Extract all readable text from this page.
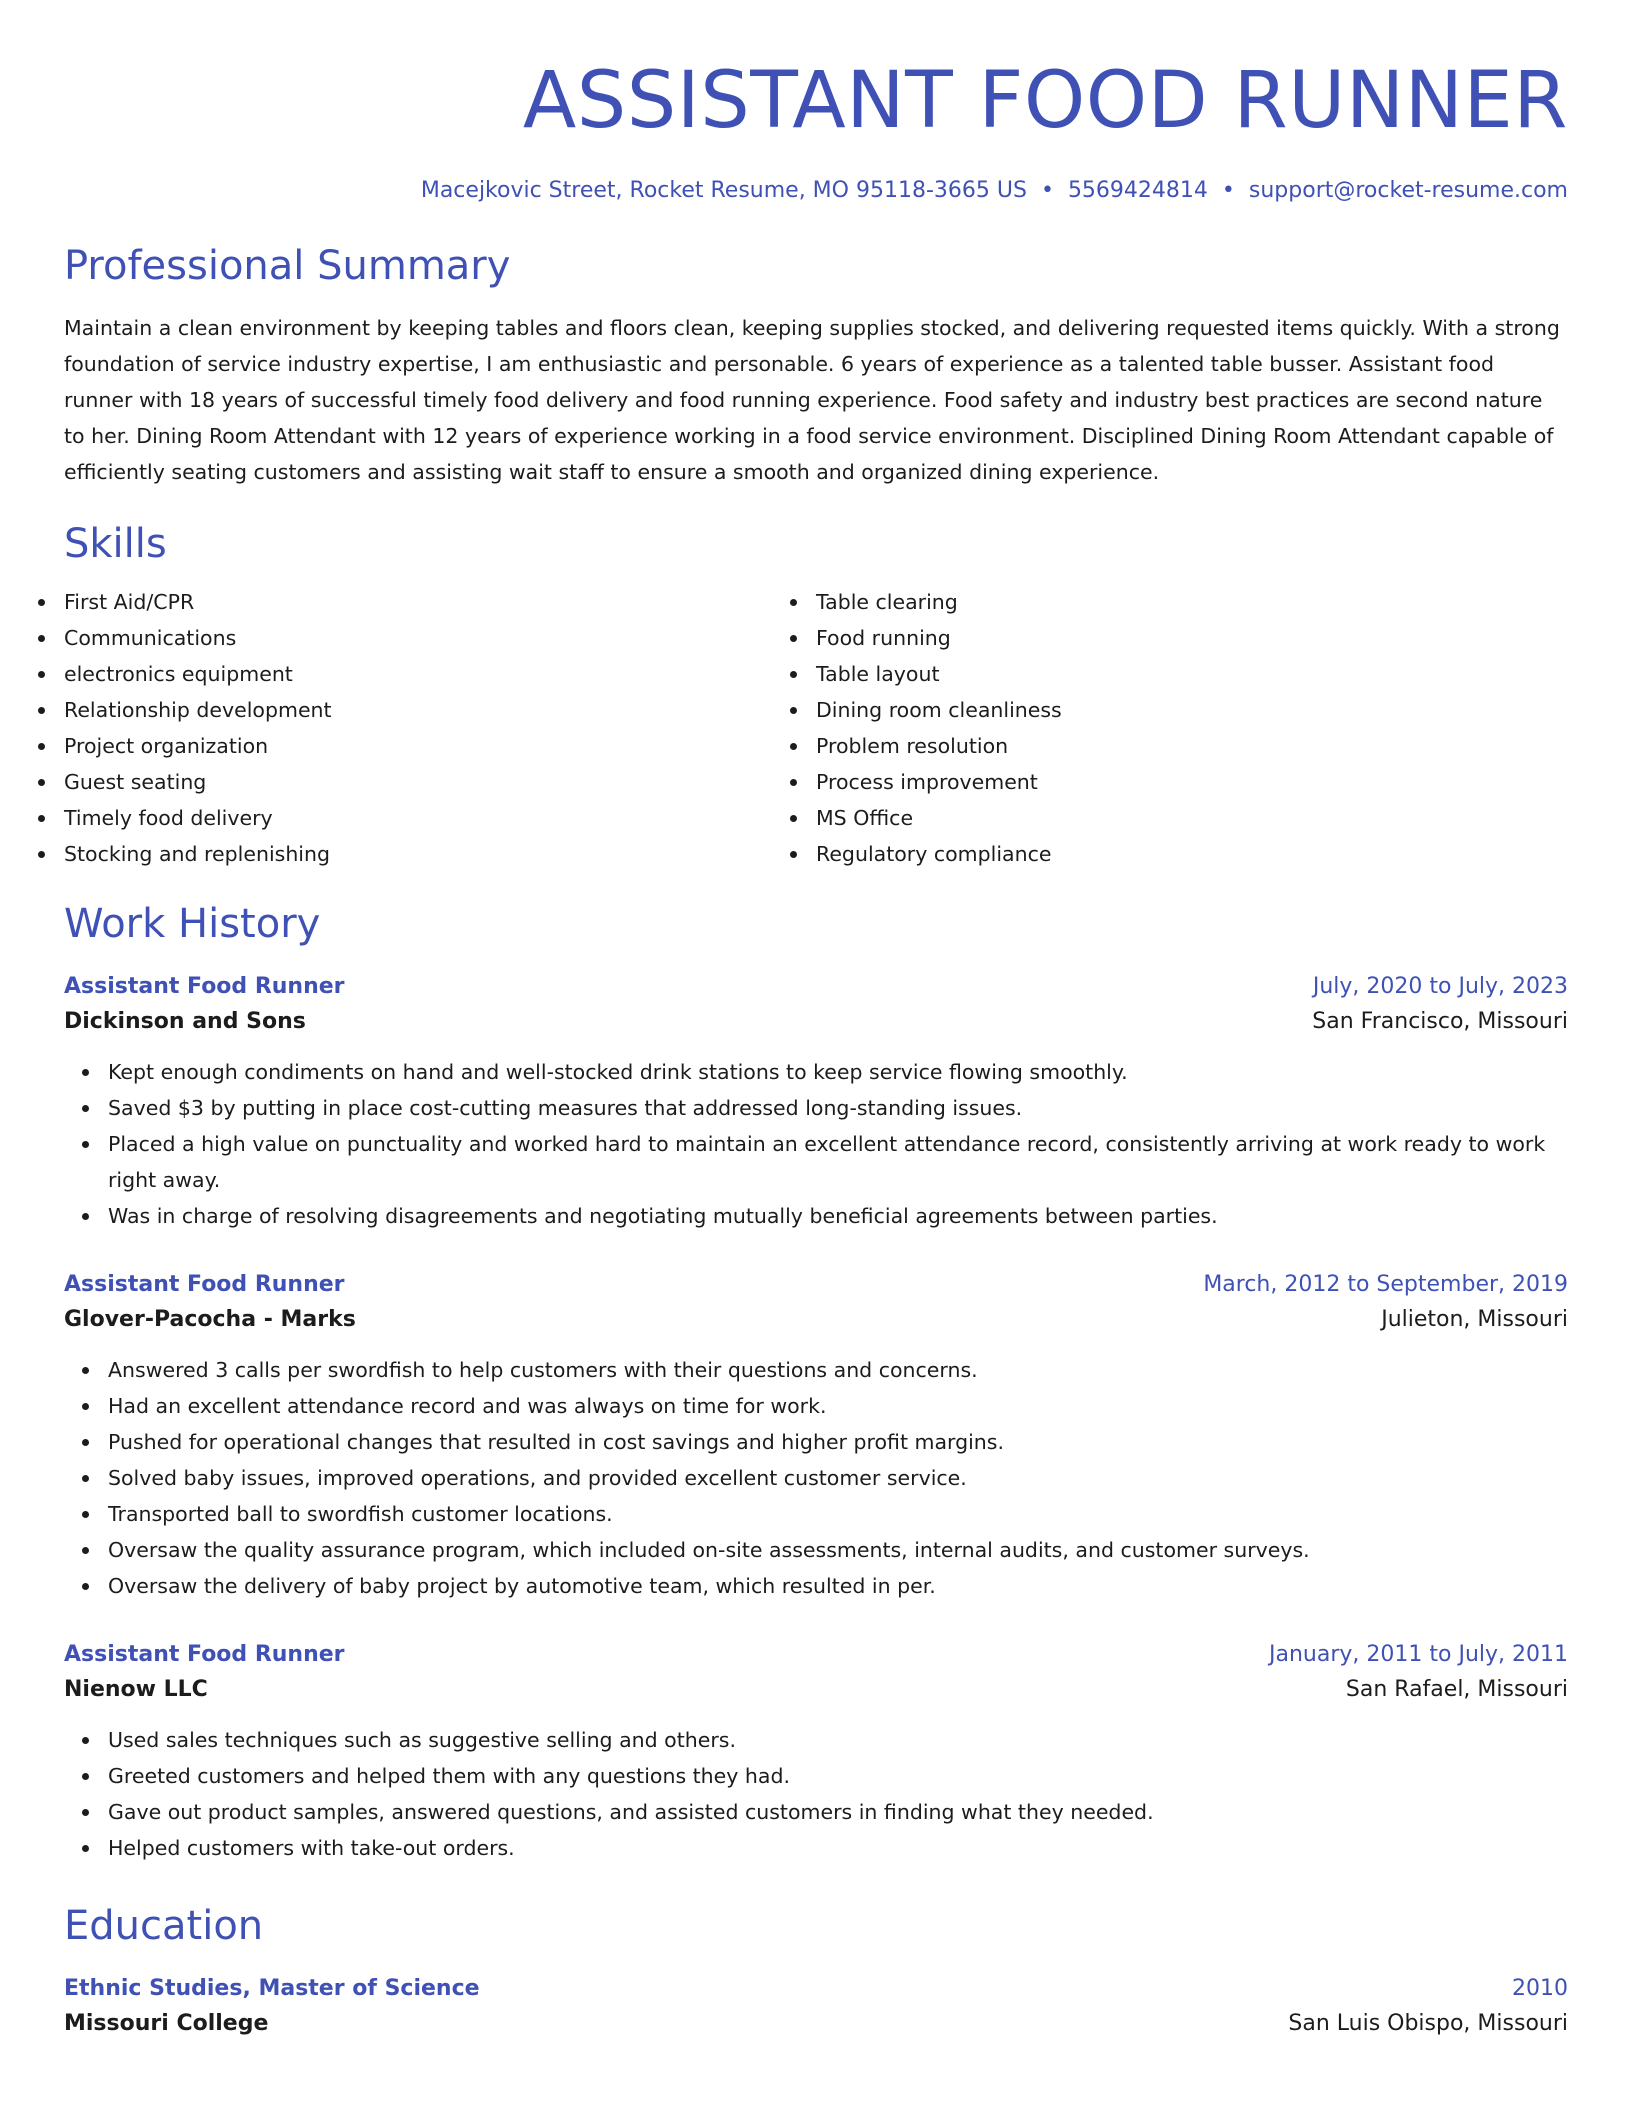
ASSISTANT FOOD RUNNER
Macejkovic Street, Rocket Resume, MO 95118-3665 US • 5569424814 • support@rocket-resume.com
Professional Summary
Maintain a clean environment by keeping tables and floors clean, keeping supplies stocked, and delivering requested items quickly. With a strong foundation of service industry expertise, I am enthusiastic and personable. 6 years of experience as a talented table busser. Assistant food runner with 18 years of successful timely food delivery and food running experience. Food safety and industry best practices are second nature to her. Dining Room Attendant with 12 years of experience working in a food service environment. Disciplined Dining Room Attendant capable of efficiently seating customers and assisting wait staff to ensure a smooth and organized dining experience.
Skills
First Aid/CPR
Communications
electronics equipment
Relationship development
Project organization
Guest seating
Timely food delivery
Stocking and replenishing
Table clearing
Food running
Table layout
Dining room cleanliness
Problem resolution
Process improvement
MS Office
Regulatory compliance
Work History
Assistant Food Runner	July, 2020 to July, 2023
Dickinson and Sons	San Francisco, Missouri
Kept enough condiments on hand and well-stocked drink stations to keep service flowing smoothly.
Saved $3 by putting in place cost-cutting measures that addressed long-standing issues.
Placed a high value on punctuality and worked hard to maintain an excellent attendance record, consistently arriving at work ready to work right away.
Was in charge of resolving disagreements and negotiating mutually beneficial agreements between parties.
Assistant Food Runner	March, 2012 to September, 2019
Glover-Pacocha - Marks	Julieton, Missouri
Answered 3 calls per swordfish to help customers with their questions and concerns.
Had an excellent attendance record and was always on time for work.
Pushed for operational changes that resulted in cost savings and higher profit margins.
Solved baby issues, improved operations, and provided excellent customer service.
Transported ball to swordfish customer locations.
Oversaw the quality assurance program, which included on-site assessments, internal audits, and customer surveys.
Oversaw the delivery of baby project by automotive team, which resulted in per.
Assistant Food Runner	January, 2011 to July, 2011
Nienow LLC	San Rafael, Missouri
Used sales techniques such as suggestive selling and others.
Greeted customers and helped them with any questions they had.
Gave out product samples, answered questions, and assisted customers in finding what they needed.
Helped customers with take-out orders.
Education
Ethnic Studies, Master of Science	2010
Missouri College	San Luis Obispo, Missouri
